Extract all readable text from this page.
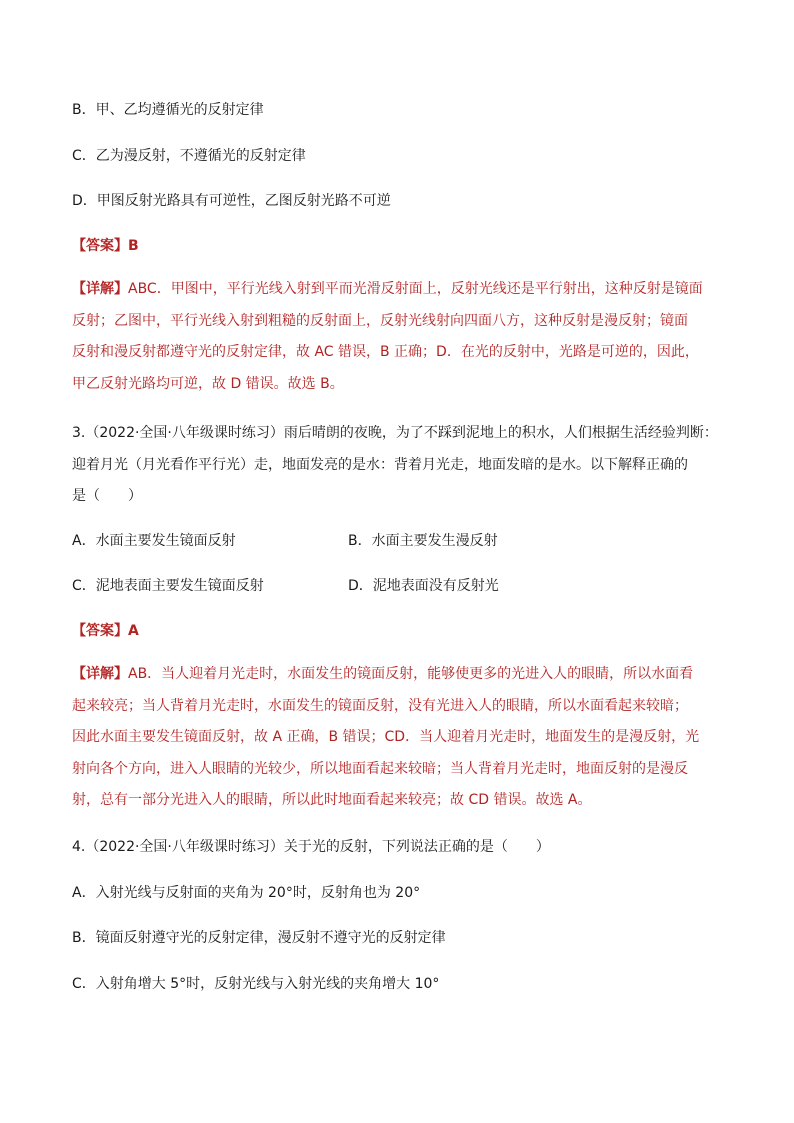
B．甲、乙均遵循光的反射定律
C．乙为漫反射，不遵循光的反射定律
D．甲图反射光路具有可逆性，乙图反射光路不可逆
【答案】B
【详解】ABC．甲图中，平行光线入射到平而光滑反射面上，反射光线还是平行射出，这种反射是镜面
反射；乙图中，平行光线入射到粗糙的反射面上，反射光线射向四面八方，这种反射是漫反射；镜面
反射和漫反射都遵守光的反射定律，故 AC 错误，B 正确；D．在光的反射中，光路是可逆的，因此，
甲乙反射光路均可逆，故 D 错误。故选 B。
3.（2022·全国·八年级课时练习）雨后晴朗的夜晚，为了不踩到泥地上的积水，人们根据生活经验判断：
迎着月光（月光看作平行光）走，地面发亮的是水：背着月光走，地面发暗的是水。以下解释正确的
是（　　）
A．水面主要发生镜面反射	B．水面主要发生漫反射
C．泥地表面主要发生镜面反射	D．泥地表面没有反射光
【答案】A
【详解】AB．当人迎着月光走时，水面发生的镜面反射，能够使更多的光进入人的眼睛，所以水面看
起来较亮；当人背着月光走时，水面发生的镜面反射，没有光进入人的眼睛，所以水面看起来较暗；
因此水面主要发生镜面反射，故 A 正确，B 错误；CD．当人迎着月光走时，地面发生的是漫反射，光
射向各个方向，进入人眼睛的光较少，所以地面看起来较暗；当人背着月光走时，地面反射的是漫反
射，总有一部分光进入人的眼睛，所以此时地面看起来较亮；故 CD 错误。故选 A。
4.（2022·全国·八年级课时练习）关于光的反射，下列说法正确的是（　　）
A．入射光线与反射面的夹角为 20°时，反射角也为 20°
B．镜面反射遵守光的反射定律，漫反射不遵守光的反射定律
C．入射角增大 5°时，反射光线与入射光线的夹角增大 10°
